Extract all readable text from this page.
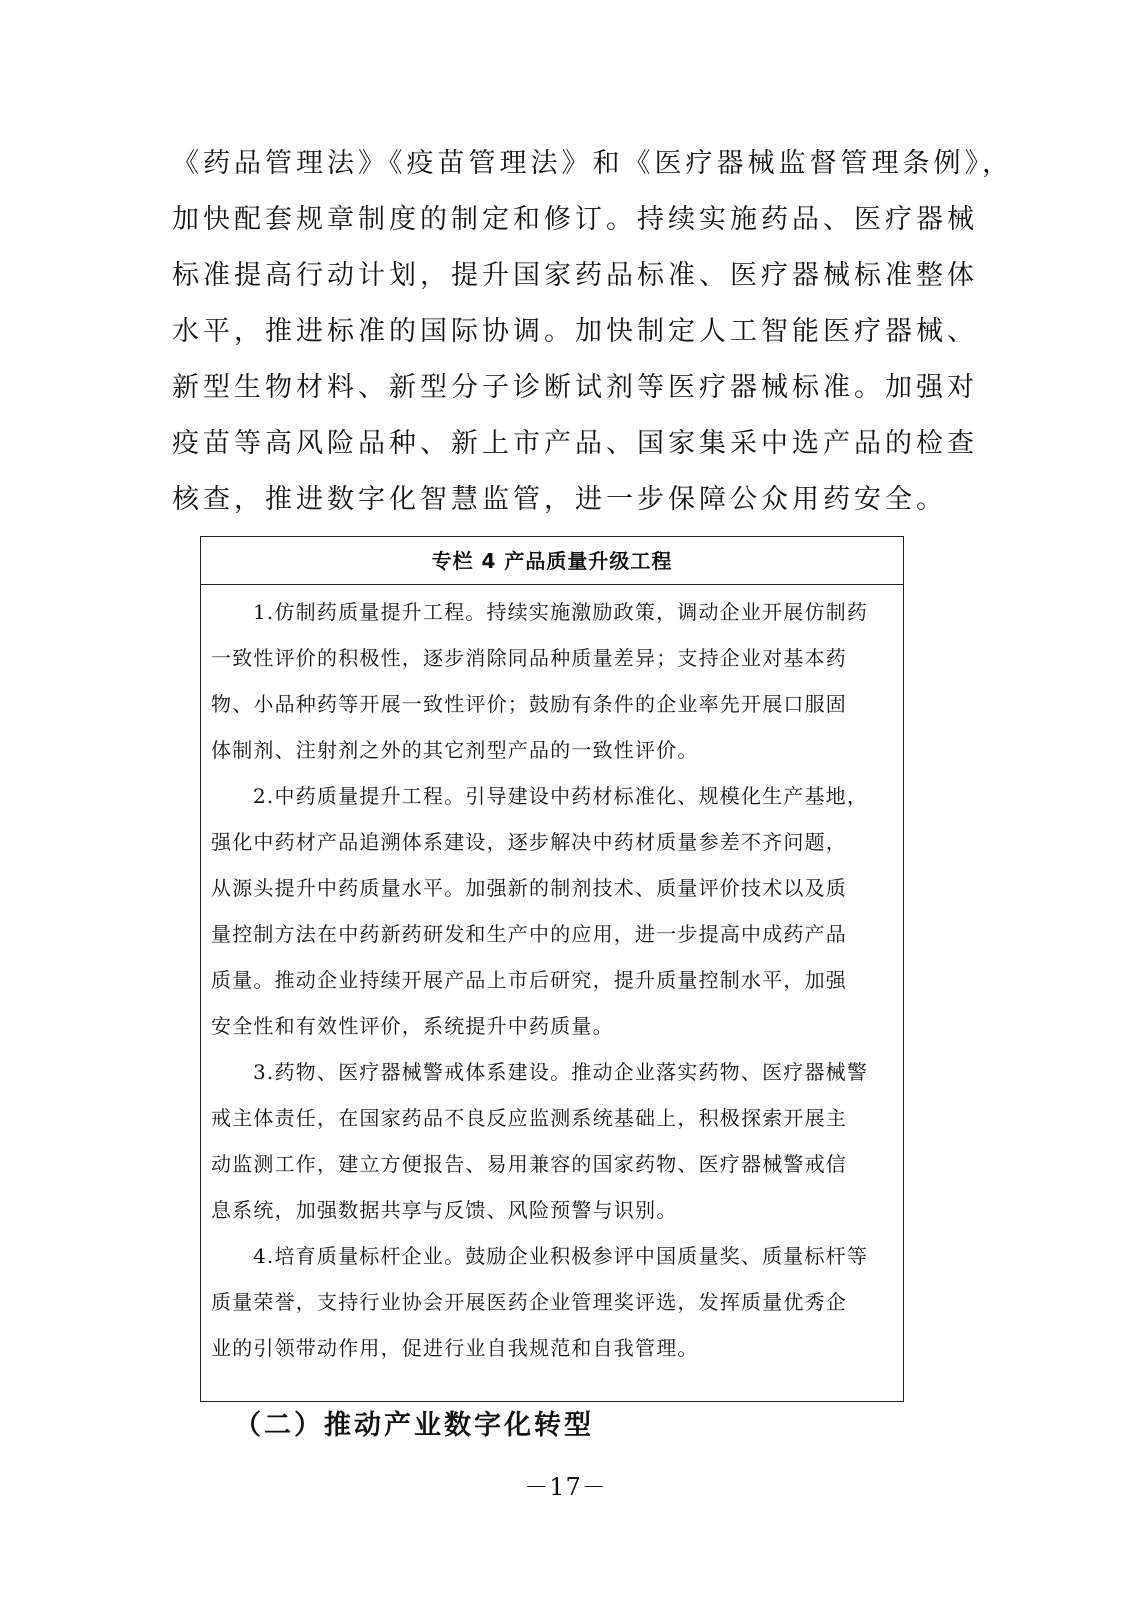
《药品管理法》《疫苗管理法》和《医疗器械监督管理条例》，
加快配套规章制度的制定和修订。持续实施药品、医疗器械
标准提高行动计划，提升国家药品标准、医疗器械标准整体
水平，推进标准的国际协调。加快制定人工智能医疗器械、
新型生物材料、新型分子诊断试剂等医疗器械标准。加强对
疫苗等高风险品种、新上市产品、国家集采中选产品的检查
核查，推进数字化智慧监管，进一步保障公众用药安全。
专栏 4 产品质量升级工程
1.仿制药质量提升工程。持续实施激励政策，调动企业开展仿制药
一致性评价的积极性，逐步消除同品种质量差异；支持企业对基本药
物、小品种药等开展一致性评价；鼓励有条件的企业率先开展口服固
体制剂、注射剂之外的其它剂型产品的一致性评价。
2.中药质量提升工程。引导建设中药材标准化、规模化生产基地，
强化中药材产品追溯体系建设，逐步解决中药材质量参差不齐问题，
从源头提升中药质量水平。加强新的制剂技术、质量评价技术以及质
量控制方法在中药新药研发和生产中的应用，进一步提高中成药产品
质量。推动企业持续开展产品上市后研究，提升质量控制水平，加强
安全性和有效性评价，系统提升中药质量。
3.药物、医疗器械警戒体系建设。推动企业落实药物、医疗器械警
戒主体责任，在国家药品不良反应监测系统基础上，积极探索开展主
动监测工作，建立方便报告、易用兼容的国家药物、医疗器械警戒信
息系统，加强数据共享与反馈、风险预警与识别。
4.培育质量标杆企业。鼓励企业积极参评中国质量奖、质量标杆等
质量荣誉，支持行业协会开展医药企业管理奖评选，发挥质量优秀企
业的引领带动作用，促进行业自我规范和自我管理。
（二）推动产业数字化转型
－17－
